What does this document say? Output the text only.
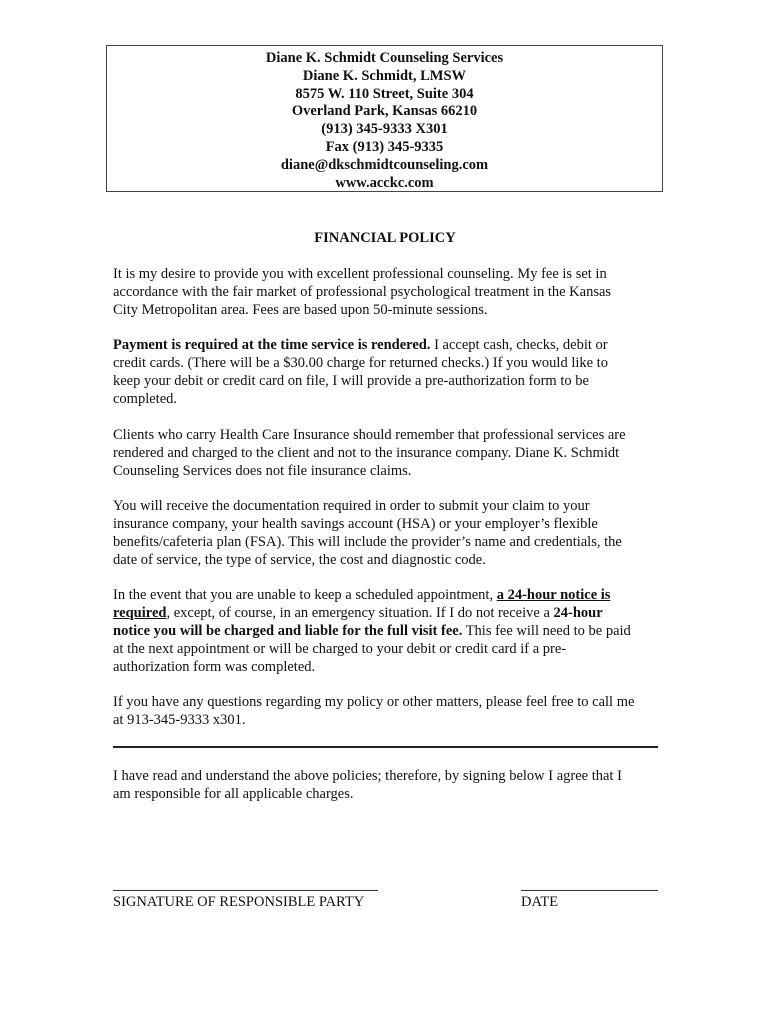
Diane K. Schmidt Counseling Services
Diane K. Schmidt, LMSW
8575 W. 110 Street, Suite 304
Overland Park, Kansas 66210
(913) 345-9333 X301
Fax (913) 345-9335
diane@dkschmidtcounseling.com
www.acckc.com
FINANCIAL POLICY

It is my desire to provide you with excellent professional counseling. My fee is set in
accordance with the fair market of professional psychological treatment in the Kansas
City Metropolitan area. Fees are based upon 50-minute sessions.

Payment is required at the time service is rendered. I accept cash, checks, debit or
credit cards. (There will be a $30.00 charge for returned checks.) If you would like to
keep your debit or credit card on file, I will provide a pre-authorization form to be
completed.

Clients who carry Health Care Insurance should remember that professional services are
rendered and charged to the client and not to the insurance company. Diane K. Schmidt
Counseling Services does not file insurance claims.

You will receive the documentation required in order to submit your claim to your
insurance company, your health savings account (HSA) or your employer’s flexible
benefits/cafeteria plan (FSA). This will include the provider’s name and credentials, the
date of service, the type of service, the cost and diagnostic code.

In the event that you are unable to keep a scheduled appointment, a 24-hour notice is
required, except, of course, in an emergency situation. If I do not receive a 24-hour
notice you will be charged and liable for the full visit fee. This fee will need to be paid
at the next appointment or will be charged to your debit or credit card if a pre-
authorization form was completed.

If you have any questions regarding my policy or other matters, please feel free to call me
at 913-345-9333 x301.

I have read and understand the above policies; therefore, by signing below I agree that I
am responsible for all applicable charges.

SIGNATURE OF RESPONSIBLE PARTY	DATE
